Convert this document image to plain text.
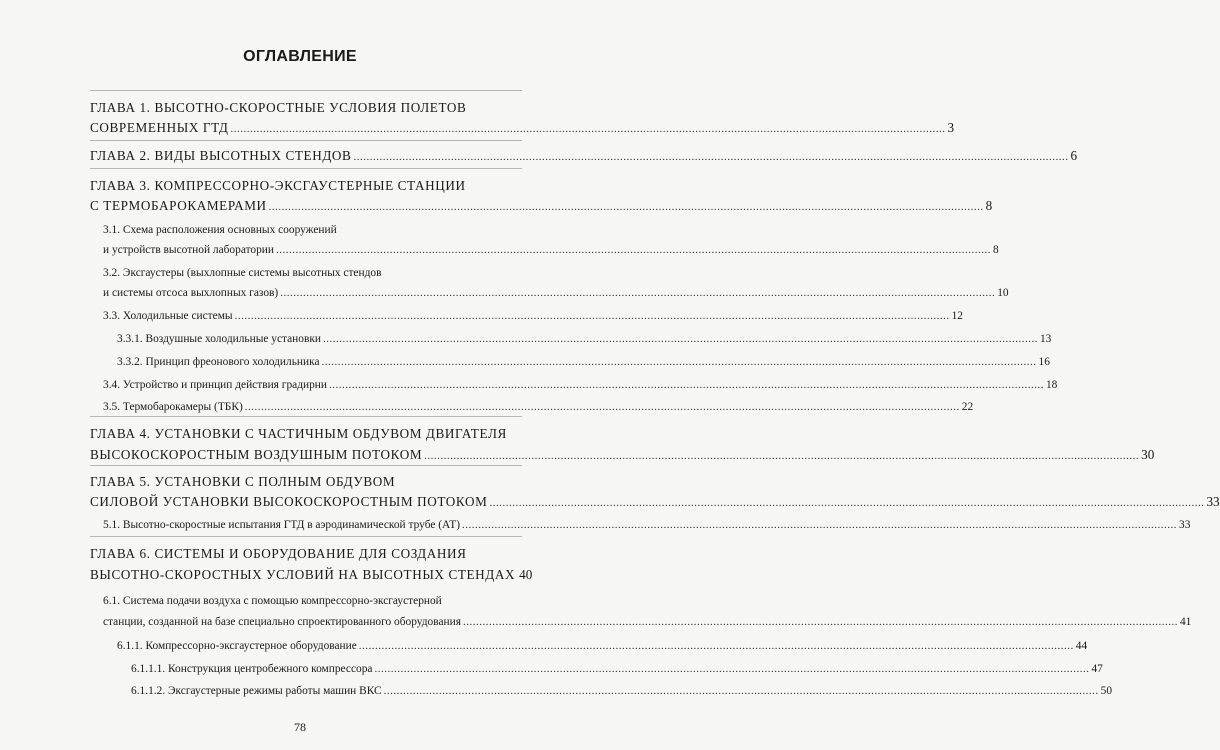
ОГЛАВЛЕНИЕ
ГЛАВА 1. ВЫСОТНО-СКОРОСТНЫЕ УСЛОВИЯ ПОЛЕТОВ
СОВРЕМЕННЫХ ГТД ............................................................................................................................................................................................................................ 3
ГЛАВА 2. ВИДЫ ВЫСОТНЫХ СТЕНДОВ ............................................................................................................................................................................................................................ 6
ГЛАВА 3. КОМПРЕССОРНО-ЭКСГАУСТЕРНЫЕ СТАНЦИИ
С ТЕРМОБАРОКАМЕРАМИ ............................................................................................................................................................................................................................ 8
3.1. Схема расположения основных сооружений
и устройств высотной лаборатории ............................................................................................................................................................................................................................ 8
3.2. Эксгаустеры (выхлопные системы высотных стендов
и системы отсоса выхлопных газов) ............................................................................................................................................................................................................................ 10
3.3. Холодильные системы ............................................................................................................................................................................................................................ 12
3.3.1. Воздушные холодильные установки ............................................................................................................................................................................................................................ 13
3.3.2. Принцип фреонового холодильника ............................................................................................................................................................................................................................ 16
3.4. Устройство и принцип действия градирни ............................................................................................................................................................................................................................ 18
3.5. Термобарокамеры (ТБК) ............................................................................................................................................................................................................................ 22
ГЛАВА 4. УСТАНОВКИ С ЧАСТИЧНЫМ ОБДУВОМ ДВИГАТЕЛЯ
ВЫСОКОСКОРОСТНЫМ ВОЗДУШНЫМ ПОТОКОМ ............................................................................................................................................................................................................................ 30
ГЛАВА 5. УСТАНОВКИ С ПОЛНЫМ ОБДУВОМ
СИЛОВОЙ УСТАНОВКИ ВЫСОКОСКОРОСТНЫМ ПОТОКОМ ............................................................................................................................................................................................................................ 33
5.1. Высотно-скоростные испытания ГТД в аэродинамической трубе (АТ) ............................................................................................................................................................................................................................ 33
ГЛАВА 6. СИСТЕМЫ И ОБОРУДОВАНИЕ ДЛЯ СОЗДАНИЯ
ВЫСОТНО-СКОРОСТНЫХ УСЛОВИЙ НА ВЫСОТНЫХ СТЕНДАХ 40
6.1. Система подачи воздуха с помощью компрессорно-эксгаустерной
станции, созданной на базе специально спроектированного оборудования ............................................................................................................................................................................................................................ 41
6.1.1. Компрессорно-эксгаустерное оборудование ............................................................................................................................................................................................................................ 44
6.1.1.1. Конструкция центробежного компрессора ............................................................................................................................................................................................................................ 47
6.1.1.2. Эксгаустерные режимы работы машин ВКС ............................................................................................................................................................................................................................ 50
78
